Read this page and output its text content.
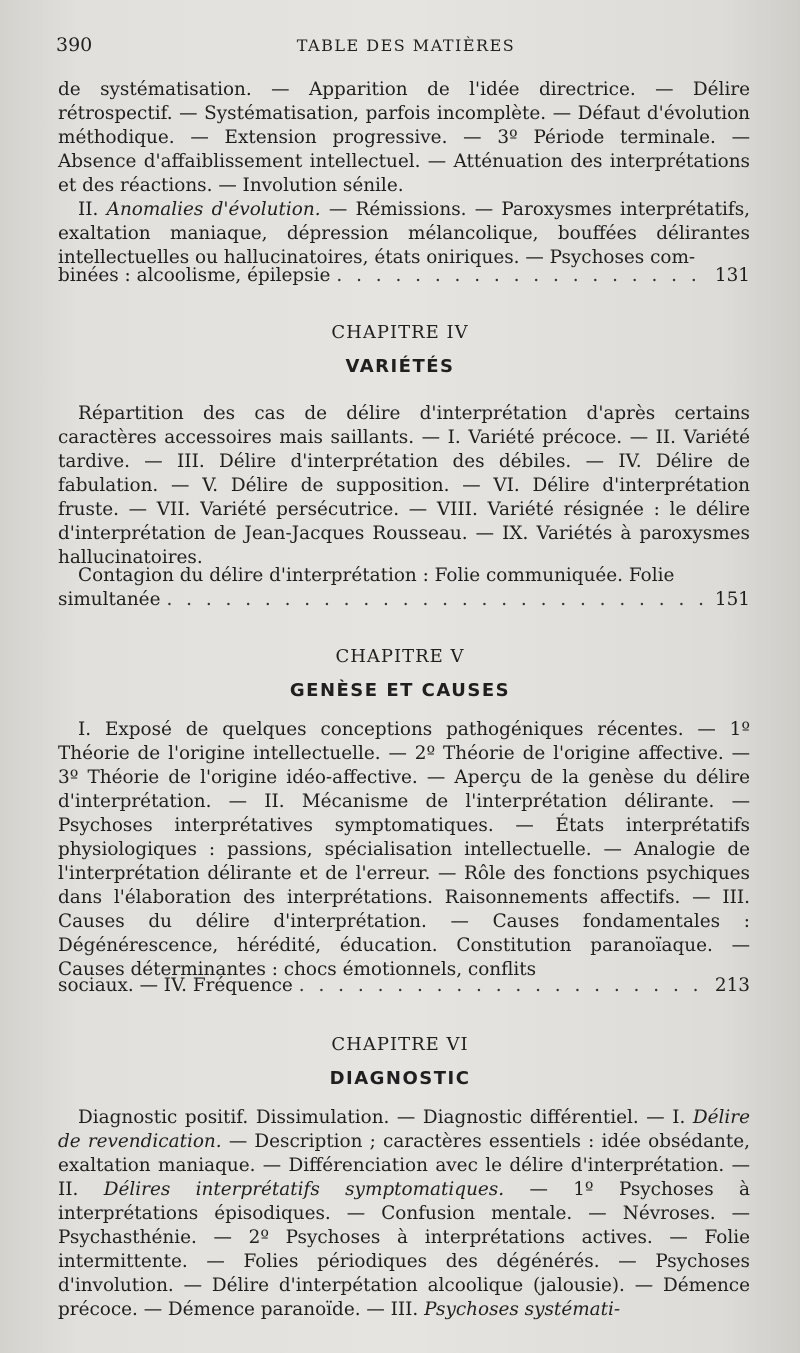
390	TABLE DES MATIÈRES

de systématisation. — Apparition de l'idée directrice. — Délire rétrospectif. — Systématisation, parfois incomplète. — Défaut d'évolution méthodique. — Extension progressive. — 3º Période terminale. — Absence d'affaiblissement intellectuel. — Atténuation des interprétations et des réactions. — Involution sénile.

II. Anomalies d'évolution. — Rémissions. — Paroxysmes interprétatifs, exaltation maniaque, dépression mélancolique, bouffées délirantes intellectuelles ou hallucinatoires, états oniriques. — Psychoses com-

binées : alcoolisme, épilepsie . . .	131
CHAPITRE IV
VARIÉTÉS

Répartition des cas de délire d'interprétation d'après certains caractères accessoires mais saillants. — I. Variété précoce. — II. Variété tardive. — III. Délire d'interprétation des débiles. — IV. Délire de fabulation. — V. Délire de supposition. — VI. Délire d'interprétation fruste. — VII. Variété persécutrice. — VIII. Variété résignée : le délire d'interprétation de Jean-Jacques Rousseau. — IX. Variétés à paroxysmes hallucinatoires.

Contagion du délire d'interprétation : Folie communiquée. Folie

simultanée . . .	151
CHAPITRE V
GENÈSE ET CAUSES

I. Exposé de quelques conceptions pathogéniques récentes. — 1º Théorie de l'origine intellectuelle. — 2º Théorie de l'origine affective. — 3º Théorie de l'origine idéo-affective. — Aperçu de la genèse du délire d'interprétation. — II. Mécanisme de l'interprétation délirante. — Psychoses interprétatives symptomatiques. — États interprétatifs physiologiques : passions, spécialisation intellectuelle. — Analogie de l'interprétation délirante et de l'erreur. — Rôle des fonctions psychiques dans l'élaboration des interprétations. Raisonnements affectifs. — III. Causes du délire d'interprétation. — Causes fondamentales : Dégénérescence, hérédité, éducation. Constitution paranoïaque. — Causes déterminantes : chocs émotionnels, conflits

sociaux. — IV. Fréquence . . .	213
CHAPITRE VI
DIAGNOSTIC

Diagnostic positif. Dissimulation. — Diagnostic différentiel. — I. Délire de revendication. — Description ; caractères essentiels : idée obsédante, exaltation maniaque. — Différenciation avec le délire d'interprétation. — II. Délires interprétatifs symptomatiques. — 1º Psychoses à interprétations épisodiques. — Confusion mentale. — Névroses. — Psychasthénie. — 2º Psychoses à interprétations actives. — Folie intermittente. — Folies périodiques des dégénérés. — Psychoses d'involution. — Délire d'interpétation alcoolique (jalousie). — Démence précoce. — Démence paranoïde. — III. Psychoses systémati-
